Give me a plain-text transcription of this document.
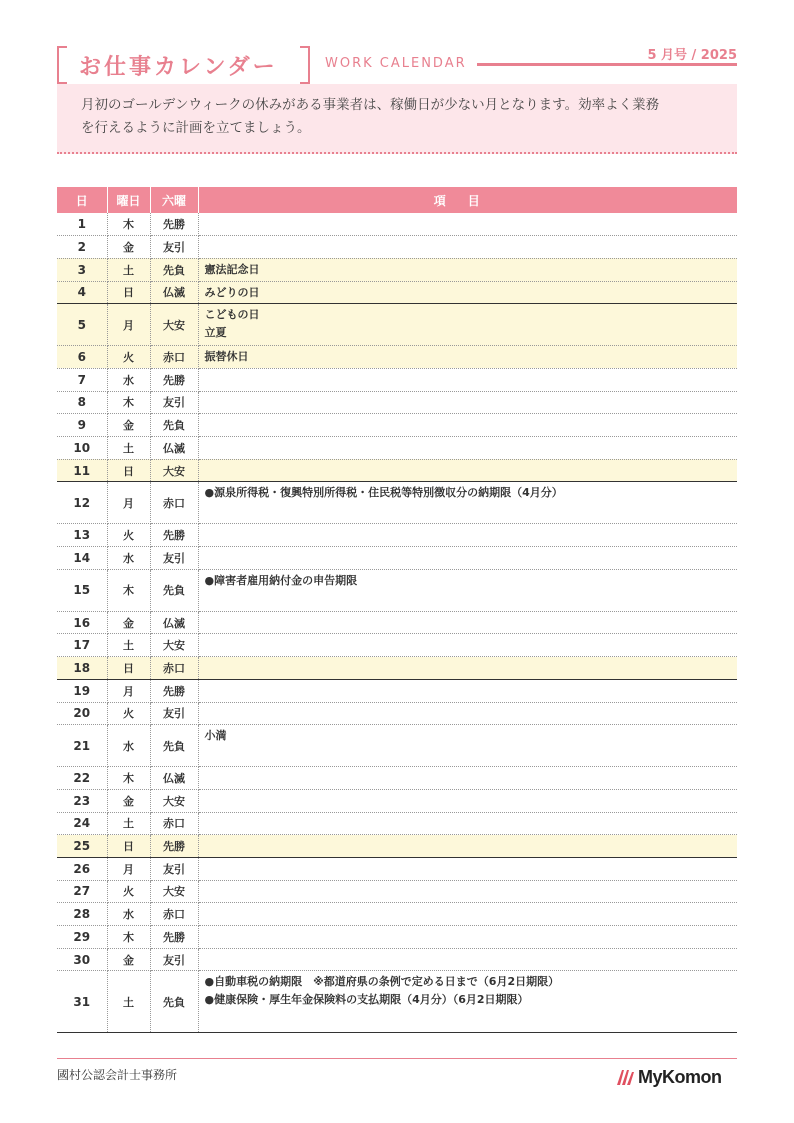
お仕事カレンダー	WORK CALENDAR
5 月号 / 2025
月初のゴールデンウィークの休みがある事業者は、稼働日が少ない月となります。効率よく業務
を行えるように計画を立てましょう。
日	曜日	六曜	項目
1	木	先勝	
2	金	友引	
3	土	先負	憲法記念日

4	日	仏滅	みどりの日

5	月	大安	こどもの日
立夏

6	火	赤口	振替休日

7	水	先勝	
8	木	友引	
9	金	先負	
10	土	仏滅	
11	日	大安	
12	月	赤口	●源泉所得税・復興特別所得税・住民税等特別徴収分の納期限（4月分）

13	火	先勝	
14	水	友引	
15	木	先負	●障害者雇用納付金の申告期限

16	金	仏滅	
17	土	大安	
18	日	赤口	
19	月	先勝	
20	火	友引	
21	水	先負	小満

22	木	仏滅	
23	金	大安	
24	土	赤口	
25	日	先勝	
26	月	友引	
27	火	大安	
28	水	赤口	
29	木	先勝	
30	金	友引	
31	土	先負	●自動車税の納期限　※都道府県の条例で定める日まで（6月2日期限）
●健康保険・厚生年金保険料の支払期限（4月分）（6月2日期限）
國村公認会計士事務所	MyKomon
